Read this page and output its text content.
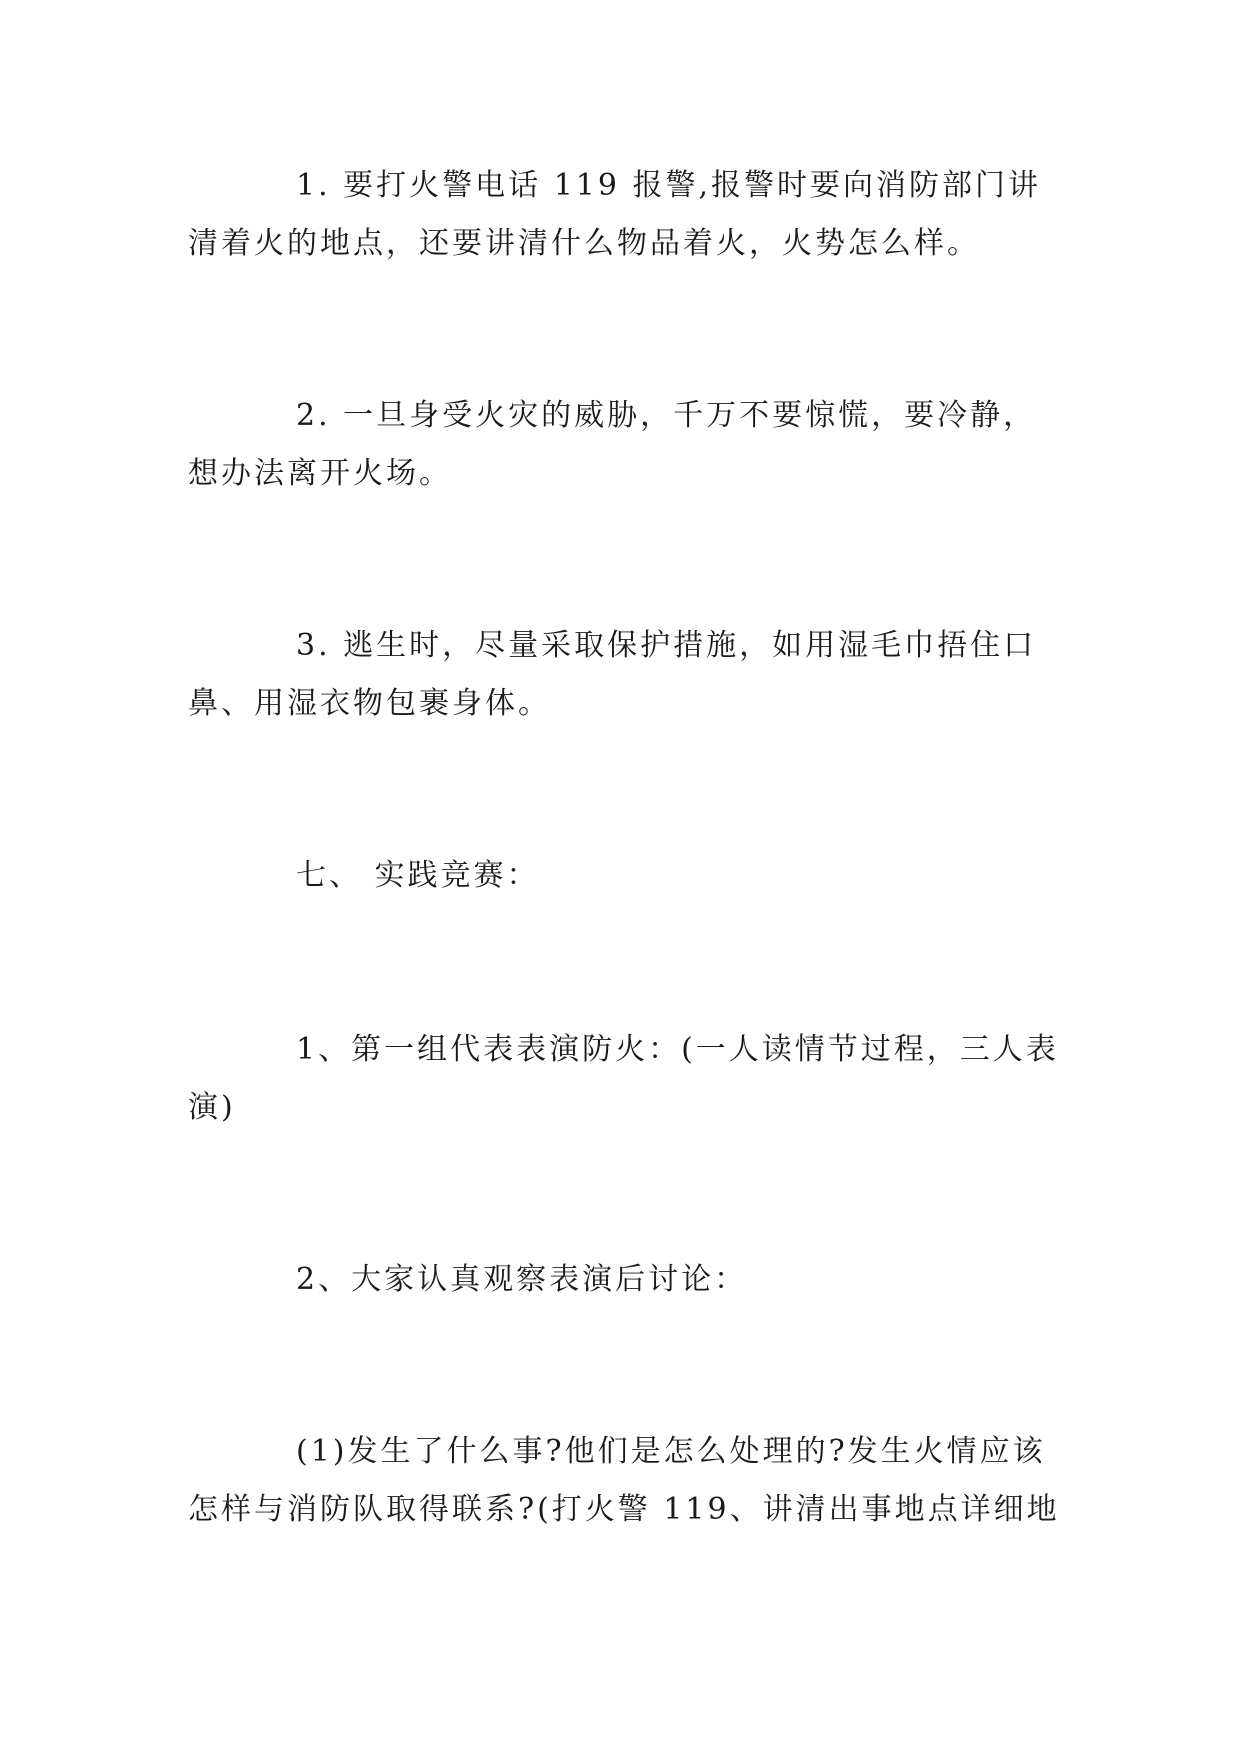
1. 要打火警电话 119 报警,报警时要向消防部门讲
清着火的地点，还要讲清什么物品着火，火势怎么样。
2. 一旦身受火灾的威胁，千万不要惊慌，要冷静，
想办法离开火场。
3. 逃生时，尽量采取保护措施，如用湿毛巾捂住口
鼻、用湿衣物包裹身体。
七、 实践竞赛：
1、第一组代表表演防火：(一人读情节过程，三人表
演)
2、大家认真观察表演后讨论：
(1)发生了什么事?他们是怎么处理的?发生火情应该
怎样与消防队取得联系?(打火警 119、讲清出事地点详细地
